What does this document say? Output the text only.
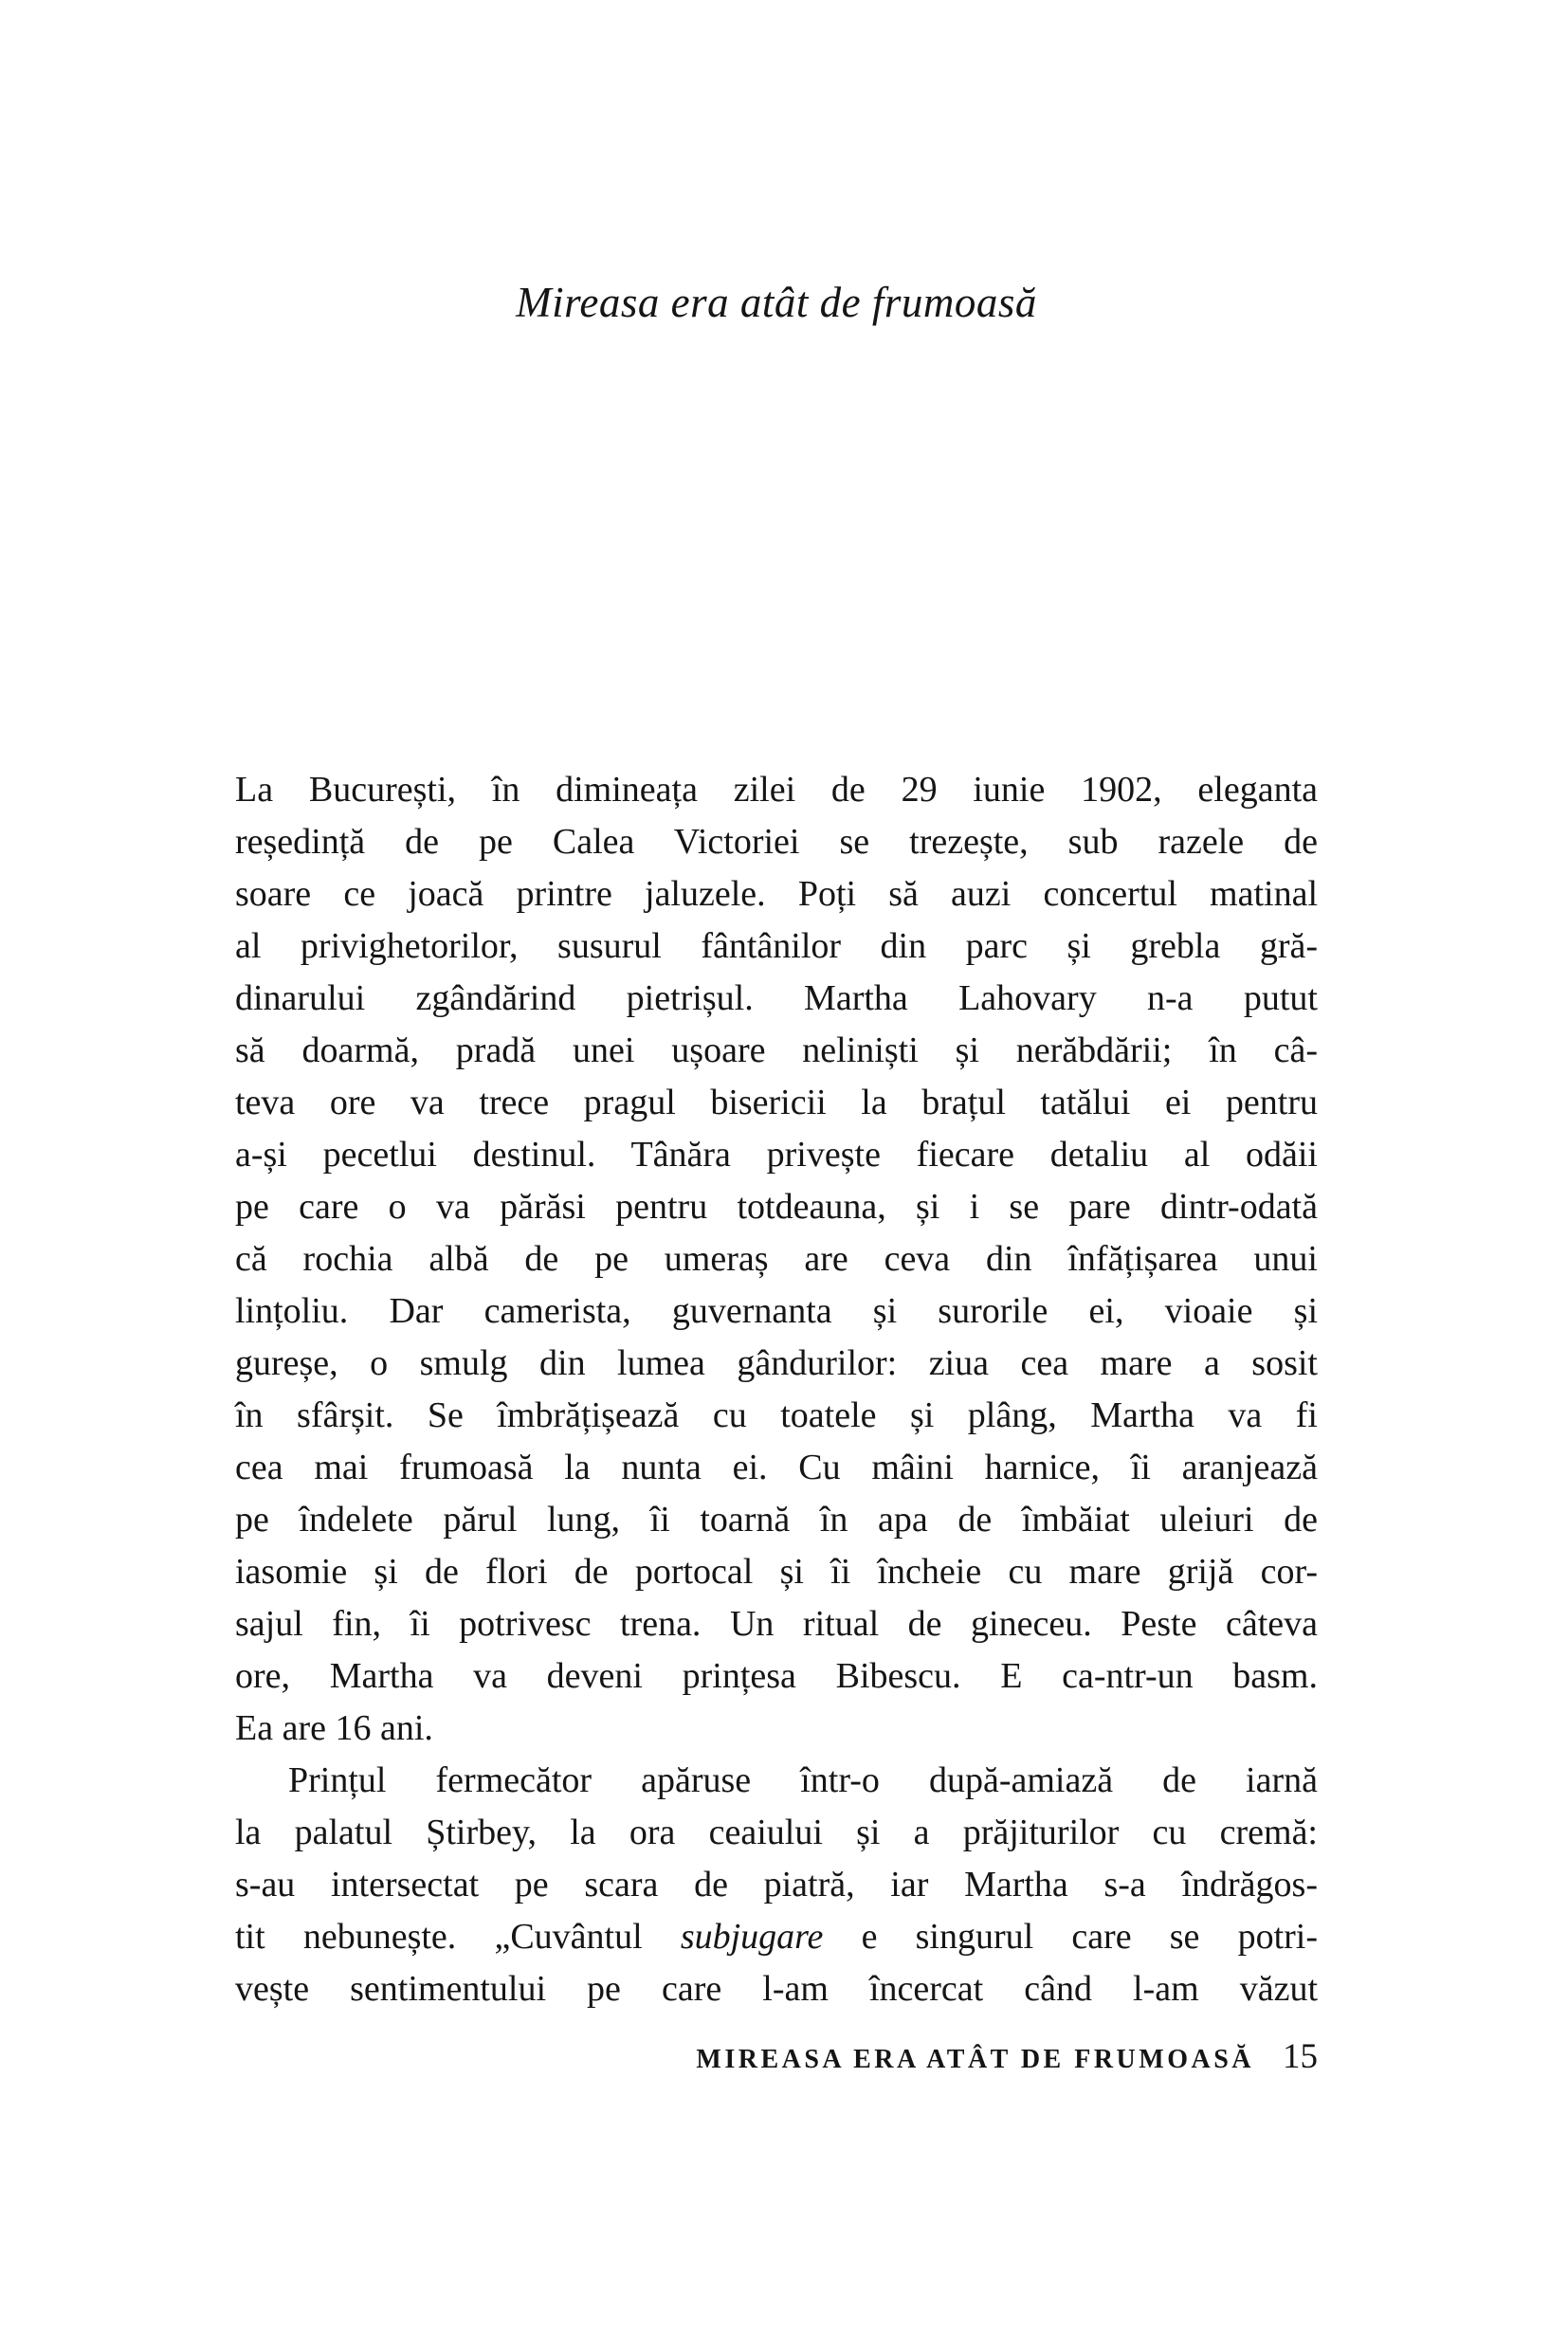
Mireasa era atât de frumoasă
La București, în dimineața zilei de 29 iunie 1902, eleganta
reședință de pe Calea Victoriei se trezește, sub razele de
soare ce joacă printre jaluzele. Poți să auzi concertul matinal
al privighetorilor, susurul fântânilor din parc și grebla gră-
dinarului zgândărind pietrișul. Martha Lahovary n-a putut
să doarmă, pradă unei ușoare neliniști și nerăbdării; în câ-
teva ore va trece pragul bisericii la brațul tatălui ei pentru
a-și pecetlui destinul. Tânăra privește fiecare detaliu al odăii
pe care o va părăsi pentru totdeauna, și i se pare dintr-odată
că rochia albă de pe umeraș are ceva din înfățișarea unui
lințoliu. Dar camerista, guvernanta și surorile ei, vioaie și
gureșe, o smulg din lumea gândurilor: ziua cea mare a sosit
în sfârșit. Se îmbrățișează cu toatele și plâng, Martha va fi
cea mai frumoasă la nunta ei. Cu mâini harnice, îi aranjează
pe îndelete părul lung, îi toarnă în apa de îmbăiat uleiuri de
iasomie și de flori de portocal și îi încheie cu mare grijă cor-
sajul fin, îi potrivesc trena. Un ritual de gineceu. Peste câteva
ore, Martha va deveni prințesa Bibescu. E ca-ntr-un basm.
Ea are 16 ani.
Prințul fermecător apăruse într-o după-amiază de iarnă
la palatul Știrbey, la ora ceaiului și a prăjiturilor cu cremă:
s-au intersectat pe scara de piatră, iar Martha s-a îndrăgos-
tit nebunește. „Cuvântul subjugare e singurul care se potri-
vește sentimentului pe care l-am încercat când l-am văzut
MIREASA ERA ATÂT DE FRUMOASĂ 15
